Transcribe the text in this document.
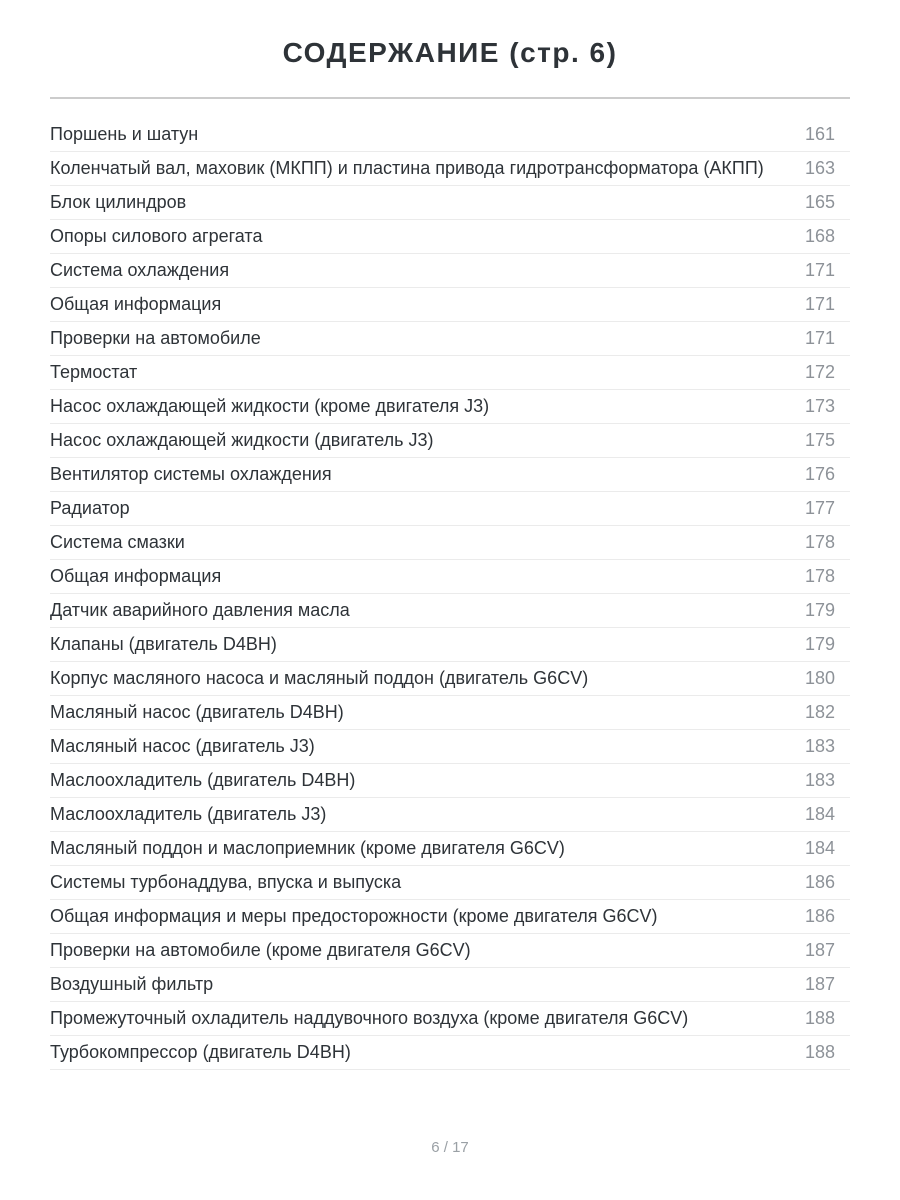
СОДЕРЖАНИЕ (стр. 6)
Поршень и шатун	161
Коленчатый вал, маховик (МКПП) и пластина привода гидротрансформатора (АКПП)	163
Блок цилиндров	165
Опоры силового агрегата	168
Система охлаждения	171
Общая информация	171
Проверки на автомобиле	171
Термостат	172
Насос охлаждающей жидкости (кроме двигателя J3)	173
Насос охлаждающей жидкости (двигатель J3)	175
Вентилятор системы охлаждения	176
Радиатор	177
Система смазки	178
Общая информация	178
Датчик аварийного давления масла	179
Клапаны (двигатель D4BH)	179
Корпус масляного насоса и масляный поддон (двигатель G6CV)	180
Масляный насос (двигатель D4BH)	182
Масляный насос (двигатель J3)	183
Маслоохладитель (двигатель D4BH)	183
Маслоохладитель (двигатель J3)	184
Масляный поддон и маслоприемник (кроме двигателя G6CV)	184
Системы турбонаддува, впуска и выпуска	186
Общая информация и меры предосторожности (кроме двигателя G6CV)	186
Проверки на автомобиле (кроме двигателя G6CV)	187
Воздушный фильтр	187
Промежуточный охладитель наддувочного воздуха (кроме двигателя G6CV)	188
Турбокомпрессор (двигатель D4BH)	188
6 / 17
